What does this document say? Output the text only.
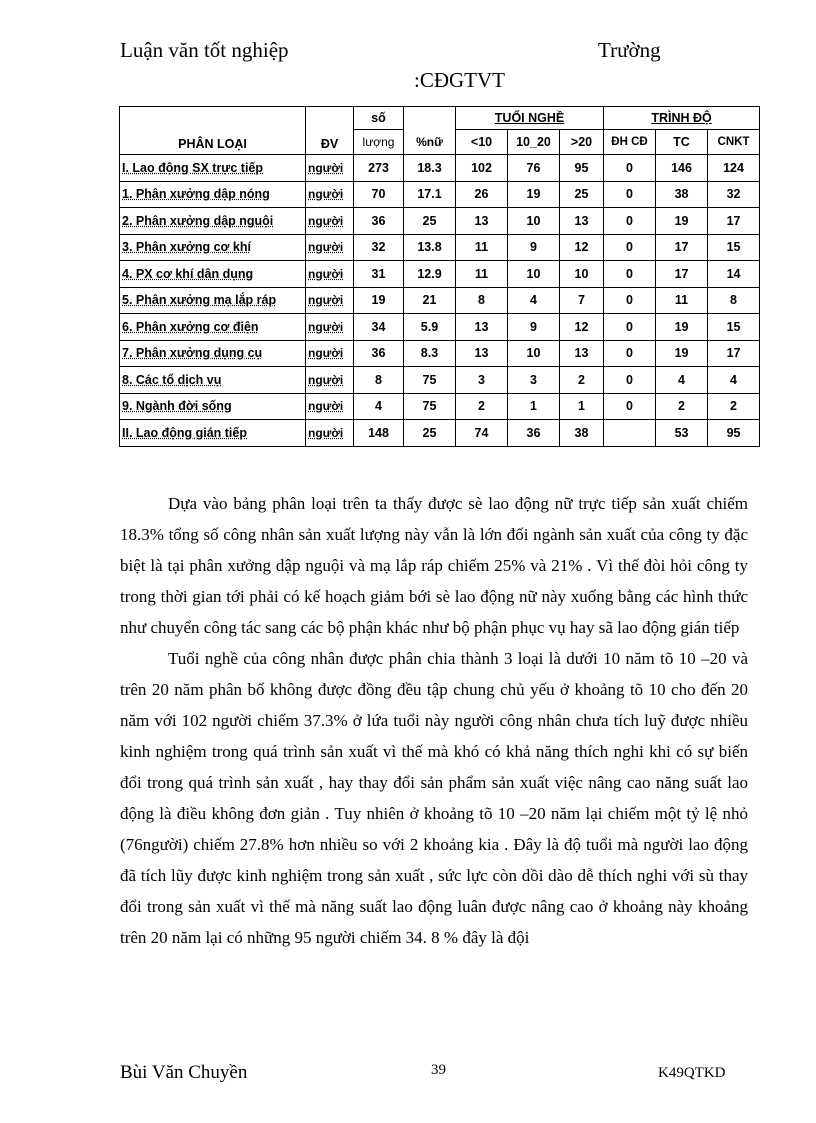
Luận văn tốt nghiệp	Trường
:CĐGTVT
PHÂN LOẠI	ĐV	số		TUỔI NGHỀ			TRÌNH ĐỘ		
		lượng	%nữ	<10	10_20	>20	ĐH CĐ	TC	CNKT
I. Lao động SX trực tiếp	người	273	18.3	102	76	95	0	146	124
1. Phân xưởng dập nóng	người	70	17.1	26	19	25	0	38	32
2. Phân xưởng dập nguội	người	36	25	13	10	13	0	19	17
3. Phân xưởng cơ khí	người	32	13.8	11	9	12	0	17	15
4. PX cơ khí dân dụng	người	31	12.9	11	10	10	0	17	14
5. Phân xưởng mạ lắp ráp	người	19	21	8	4	7	0	11	8
6. Phân xưởng cơ điện	người	34	5.9	13	9	12	0	19	15
7. Phân xưởng dụng cụ	người	36	8.3	13	10	13	0	19	17
8. Các tổ dịch vụ	người	8	75	3	3	2	0	4	4
9. Ngành đời sống	người	4	75	2	1	1	0	2	2
II. Lao động gián tiếp	người	148	25	74	36	38		53	95

Dựa vào bảng phân loại trên ta thấy được sè lao động nữ trực tiếp sản xuất chiếm 18.3% tổng số công nhân sản xuất lượng này vẫn là lớn đối ngành sản xuất của công ty đặc biệt là tại phân xưởng dập nguội và mạ lắp ráp chiếm 25% và 21% . Vì thế đòi hỏi công ty trong thời gian tới phải có kế hoạch giảm bới sè lao động nữ này xuống bằng các hình thức như chuyển công tác sang các bộ phận khác như bộ phận phục vụ hay sã lao động gián tiếp

Tuổi nghề của công nhân được phân chia thành 3 loại là dưới 10 năm tõ 10 –20 và trên 20 năm phân bố không được đồng đều tập chung chủ yếu ở khoảng tõ 10 cho đến 20 năm với 102 người chiếm 37.3% ở lứa tuổi này người công nhân chưa tích luỹ được nhiều kinh nghiệm trong quá trình sản xuất vì thế mà khó có khả năng thích nghi khi có sự biến đổi trong quá trình sản xuất , hay thay đổi sản phẩm sản xuất việc nâng cao năng suất lao động là điều không đơn giản . Tuy nhiên ở khoảng tõ 10 –20 năm lại chiếm một tỷ lệ nhỏ (76người) chiếm 27.8% hơn nhiều so với 2 khoảng kia . Đây là độ tuổi mà người lao động đã tích lũy được kinh nghiệm trong sản xuất , sức lực còn dồi dào dễ thích nghi với sù thay đổi trong sản xuất vì thế mà năng suất lao động luân được nâng cao ở khoảng này khoảng trên 20 năm lại có những 95 người chiếm 34. 8 % đây là đội

Bùi Văn Chuyền	39	K49QTKD
